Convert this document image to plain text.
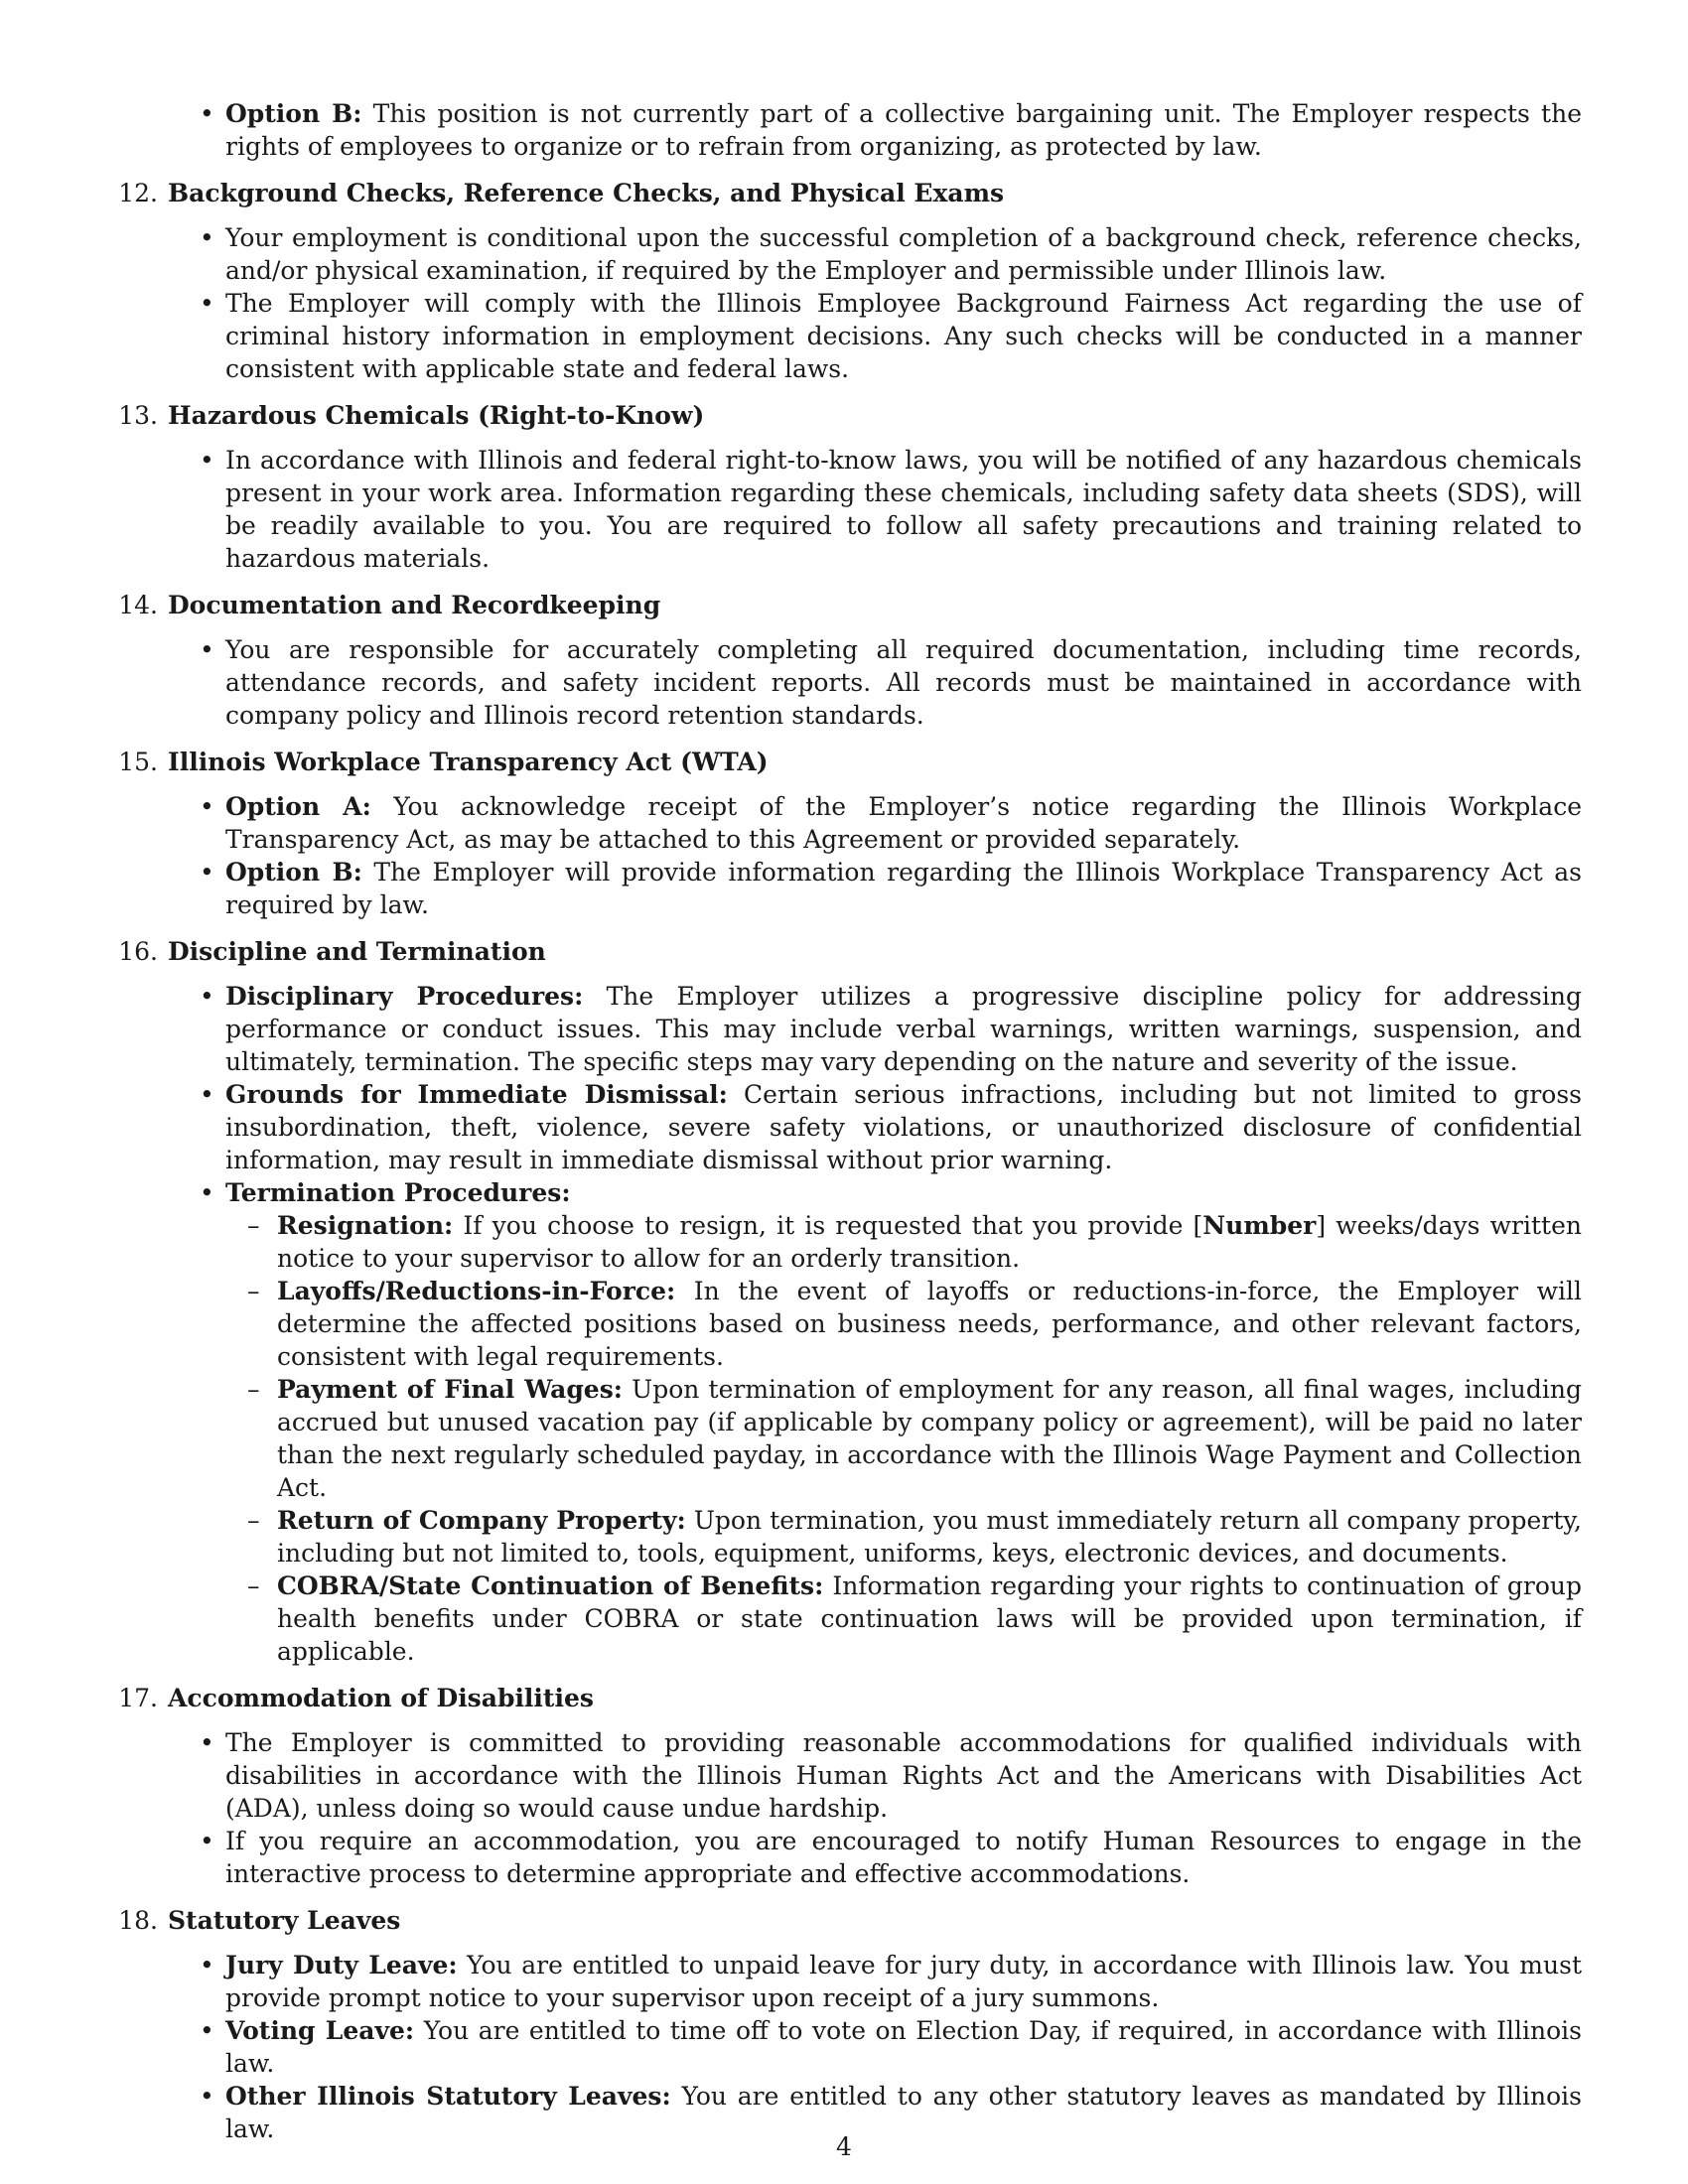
• Option B: This position is not currently part of a collective bargaining unit. The Employer respects the rights of employees to organize or to refrain from organizing, as protected by law.
12. Background Checks, Reference Checks, and Physical Exams
• Your employment is conditional upon the successful completion of a background check, reference checks, and/or physical examination, if required by the Employer and permissible under Illinois law.
• The Employer will comply with the Illinois Employee Background Fairness Act regarding the use of criminal history information in employment decisions. Any such checks will be conducted in a manner consistent with applicable state and federal laws.
13. Hazardous Chemicals (Right-to-Know)
• In accordance with Illinois and federal right-to-know laws, you will be notified of any hazardous chemicals present in your work area. Information regarding these chemicals, including safety data sheets (SDS), will be readily available to you. You are required to follow all safety precautions and training related to hazardous materials.
14. Documentation and Recordkeeping
• You are responsible for accurately completing all required documentation, including time records, attendance records, and safety incident reports. All records must be maintained in accordance with company policy and Illinois record retention standards.
15. Illinois Workplace Transparency Act (WTA)
• Option A: You acknowledge receipt of the Employer’s notice regarding the Illinois Workplace Transparency Act, as may be attached to this Agreement or provided separately.
• Option B: The Employer will provide information regarding the Illinois Workplace Transparency Act as required by law.
16. Discipline and Termination
• Disciplinary Procedures: The Employer utilizes a progressive discipline policy for addressing performance or conduct issues. This may include verbal warnings, written warnings, suspension, and ultimately, termination. The specific steps may vary depending on the nature and severity of the issue.
• Grounds for Immediate Dismissal: Certain serious infractions, including but not limited to gross insubordination, theft, violence, severe safety violations, or unauthorized disclosure of confidential information, may result in immediate dismissal without prior warning.
• Termination Procedures:
– Resignation: If you choose to resign, it is requested that you provide [Number] weeks/days written notice to your supervisor to allow for an orderly transition.
– Layoffs/Reductions-in-Force: In the event of layoffs or reductions-in-force, the Employer will determine the affected positions based on business needs, performance, and other relevant factors, consistent with legal requirements.
– Payment of Final Wages: Upon termination of employment for any reason, all final wages, including accrued but unused vacation pay (if applicable by company policy or agreement), will be paid no later than the next regularly scheduled payday, in accordance with the Illinois Wage Payment and Collection Act.
– Return of Company Property: Upon termination, you must immediately return all company property, including but not limited to, tools, equipment, uniforms, keys, electronic devices, and documents.
– COBRA/State Continuation of Benefits: Information regarding your rights to continuation of group health benefits under COBRA or state continuation laws will be provided upon termination, if applicable.
17. Accommodation of Disabilities
• The Employer is committed to providing reasonable accommodations for qualified individuals with disabilities in accordance with the Illinois Human Rights Act and the Americans with Disabilities Act (ADA), unless doing so would cause undue hardship.
• If you require an accommodation, you are encouraged to notify Human Resources to engage in the interactive process to determine appropriate and effective accommodations.
18. Statutory Leaves
• Jury Duty Leave: You are entitled to unpaid leave for jury duty, in accordance with Illinois law. You must provide prompt notice to your supervisor upon receipt of a jury summons.
• Voting Leave: You are entitled to time off to vote on Election Day, if required, in accordance with Illinois law.
• Other Illinois Statutory Leaves: You are entitled to any other statutory leaves as mandated by Illinois law.
4
